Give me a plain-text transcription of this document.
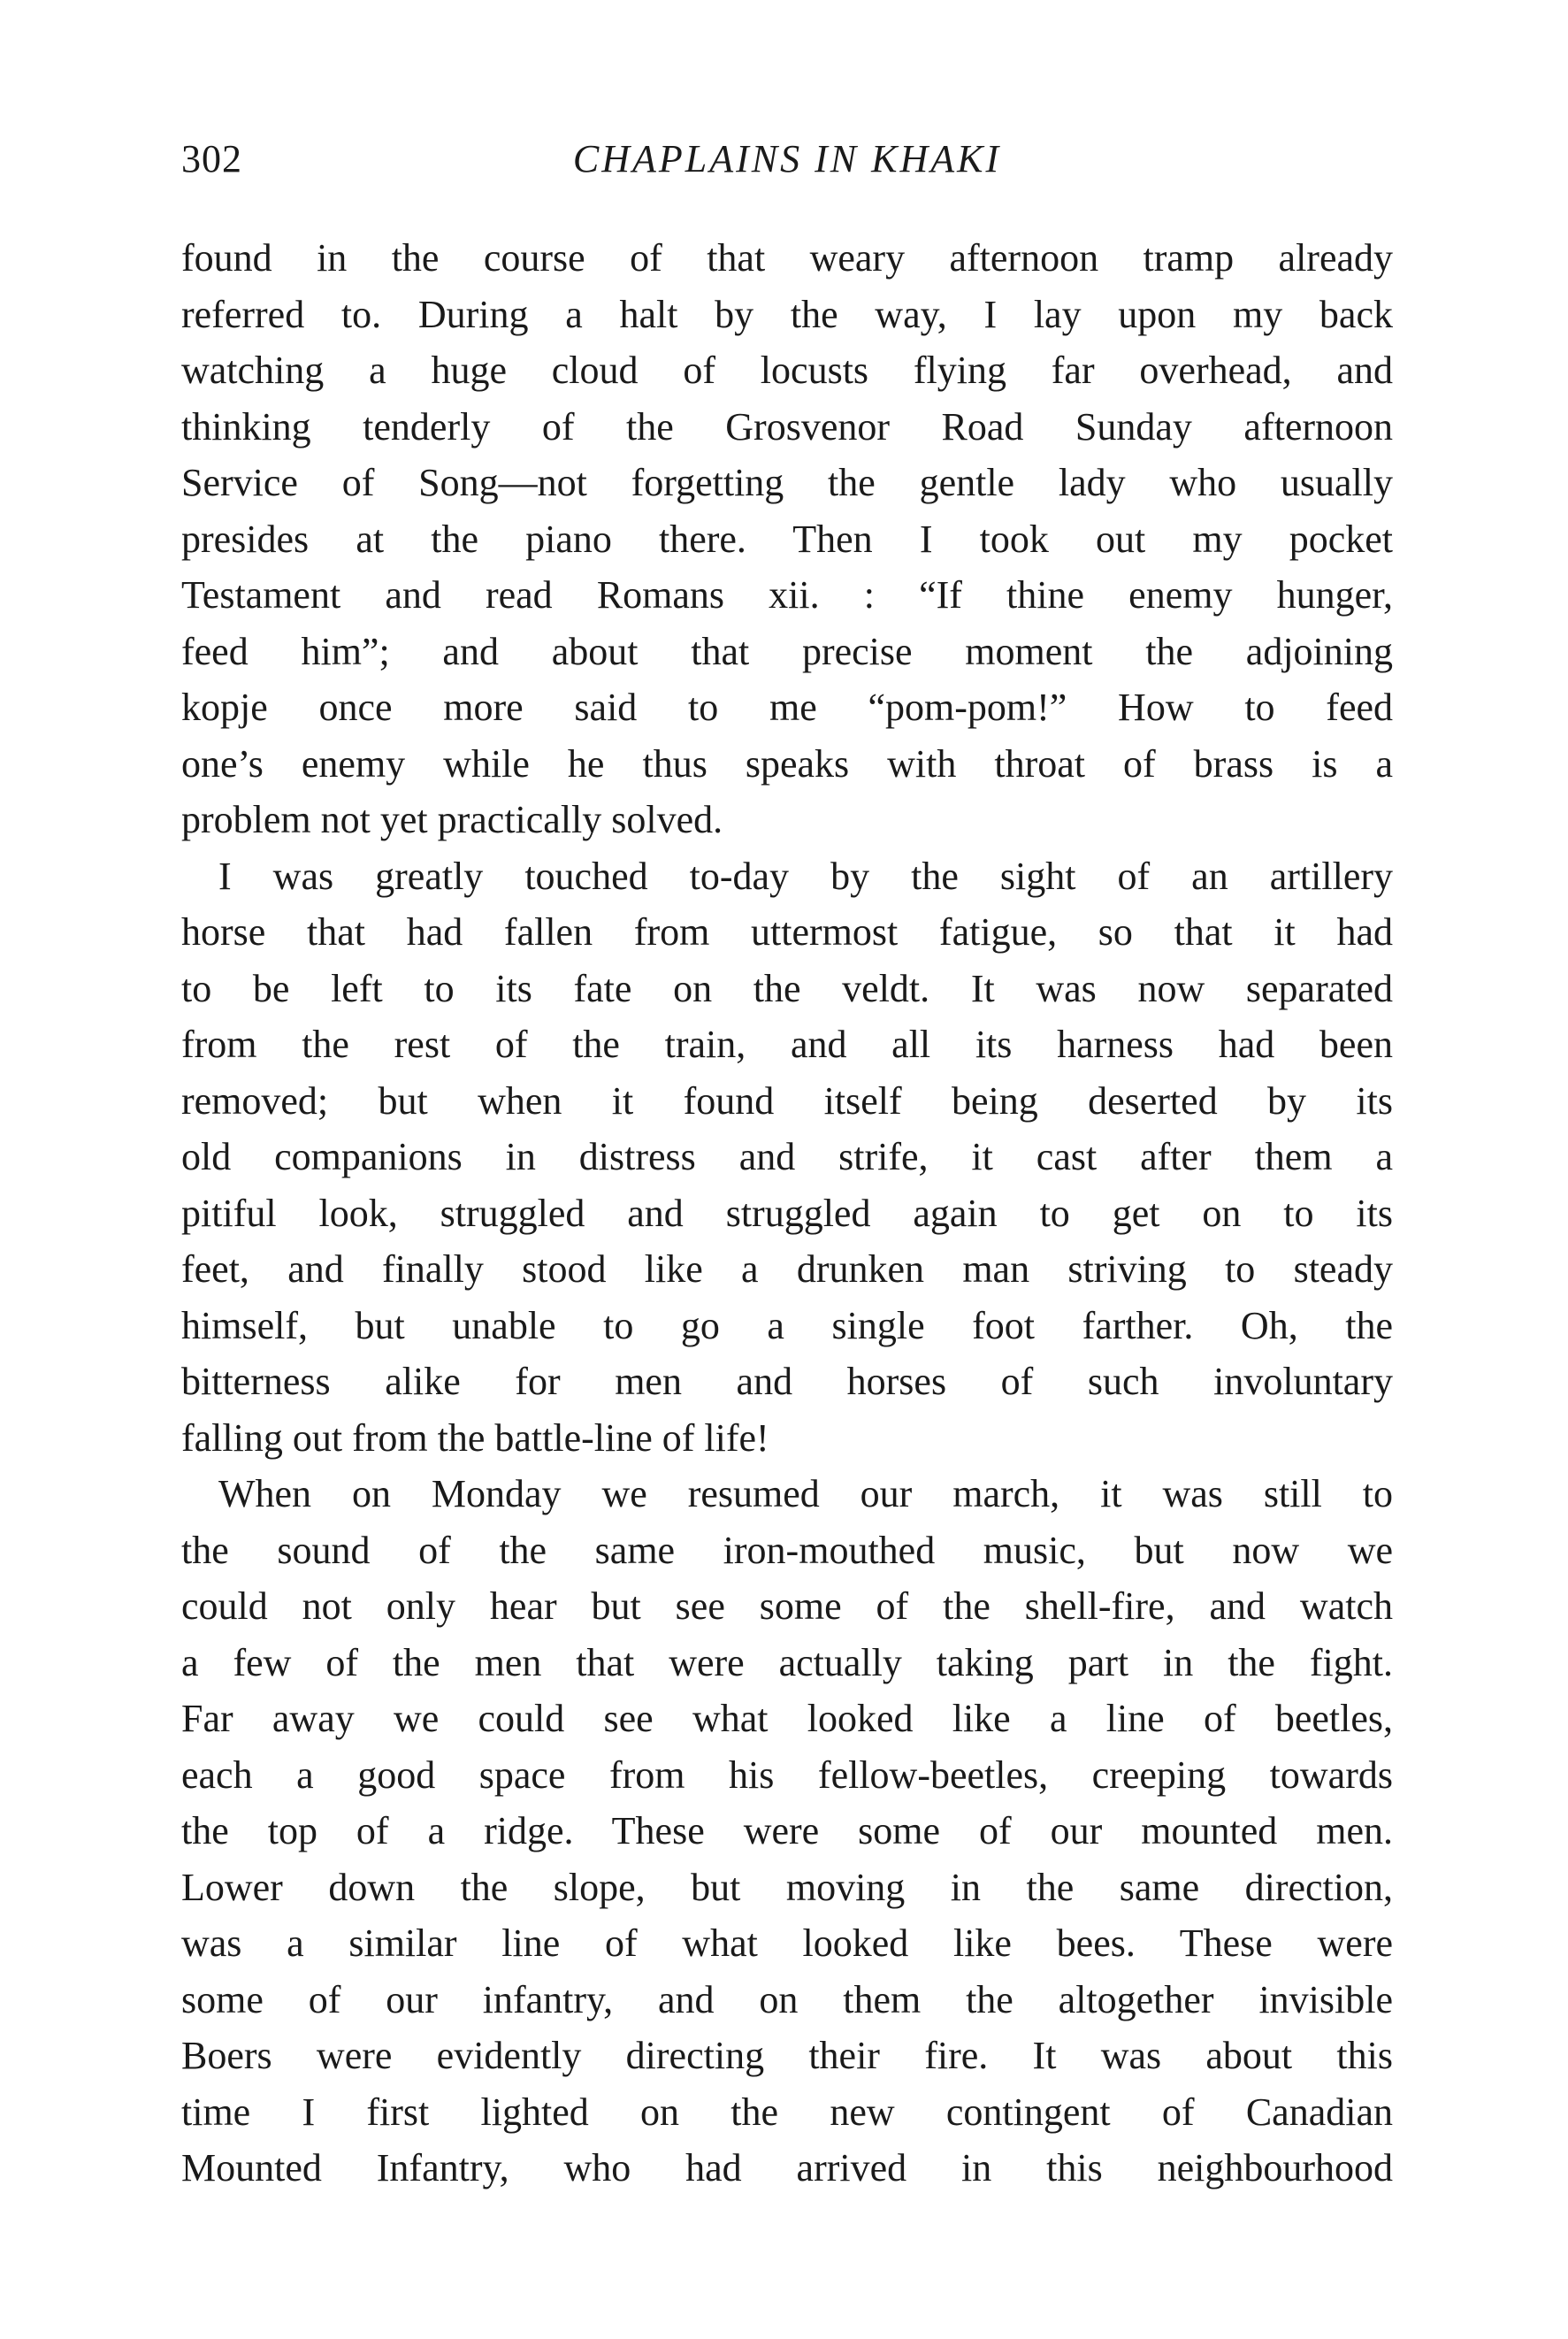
302	CHAPLAINS IN KHAKI
found in the course of that weary afternoon tramp already
referred to. During a halt by the way, I lay upon my back
watching a huge cloud of locusts flying far overhead, and
thinking tenderly of the Grosvenor Road Sunday afternoon
Service of Song—not forgetting the gentle lady who usually
presides at the piano there. Then I took out my pocket
Testament and read Romans xii. : “If thine enemy hunger,
feed him”; and about that precise moment the adjoining
kopje once more said to me “pom-pom!” How to feed
one’s enemy while he thus speaks with throat of brass is a
problem not yet practically solved.
I was greatly touched to-day by the sight of an artillery
horse that had fallen from uttermost fatigue, so that it had
to be left to its fate on the veldt. It was now separated
from the rest of the train, and all its harness had been
removed; but when it found itself being deserted by its
old companions in distress and strife, it cast after them a
pitiful look, struggled and struggled again to get on to its
feet, and finally stood like a drunken man striving to steady
himself, but unable to go a single foot farther. Oh, the
bitterness alike for men and horses of such involuntary
falling out from the battle-line of life!
When on Monday we resumed our march, it was still to
the sound of the same iron-mouthed music, but now we
could not only hear but see some of the shell-fire, and watch
a few of the men that were actually taking part in the fight.
Far away we could see what looked like a line of beetles,
each a good space from his fellow-beetles, creeping towards
the top of a ridge. These were some of our mounted men.
Lower down the slope, but moving in the same direction,
was a similar line of what looked like bees. These were
some of our infantry, and on them the altogether invisible
Boers were evidently directing their fire. It was about this
time I first lighted on the new contingent of Canadian
Mounted Infantry, who had arrived in this neighbourhood
